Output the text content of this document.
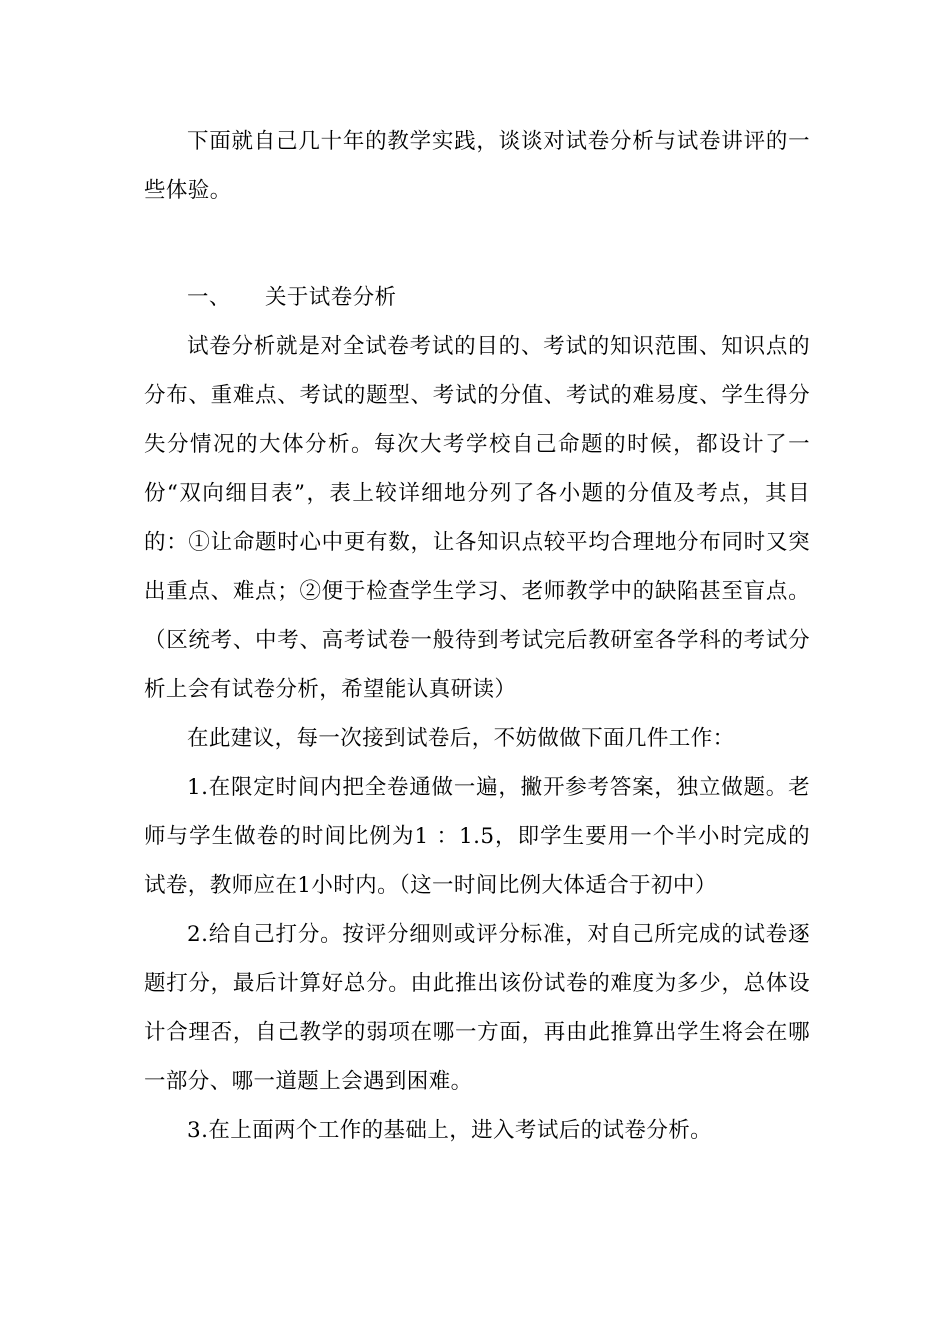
下面就自己几十年的教学实践，谈谈对试卷分析与试卷讲评的一些体验。

一、 关于试卷分析

试卷分析就是对全试卷考试的目的、考试的知识范围、知识点的分布、重难点、考试的题型、考试的分值、考试的难易度、学生得分失分情况的大体分析。每次大考学校自己命题的时候，都设计了一份“双向细目表”，表上较详细地分列了各小题的分值及考点，其目的：①让命题时心中更有数，让各知识点较平均合理地分布同时又突出重点、难点；②便于检查学生学习、老师教学中的缺陷甚至盲点。（区统考、中考、高考试卷一般待到考试完后教研室各学科的考试分析上会有试卷分析，希望能认真研读）

在此建议，每一次接到试卷后，不妨做做下面几件工作：

1.在限定时间内把全卷通做一遍，撇开参考答案，独立做题。老师与学生做卷的时间比例为1 ：1.5，即学生要用一个半小时完成的试卷，教师应在1小时内。（这一时间比例大体适合于初中）

2.给自己打分。按评分细则或评分标准，对自己所完成的试卷逐题打分，最后计算好总分。由此推出该份试卷的难度为多少，总体设计合理否，自己教学的弱项在哪一方面，再由此推算出学生将会在哪一部分、哪一道题上会遇到困难。

3.在上面两个工作的基础上，进入考试后的试卷分析。
